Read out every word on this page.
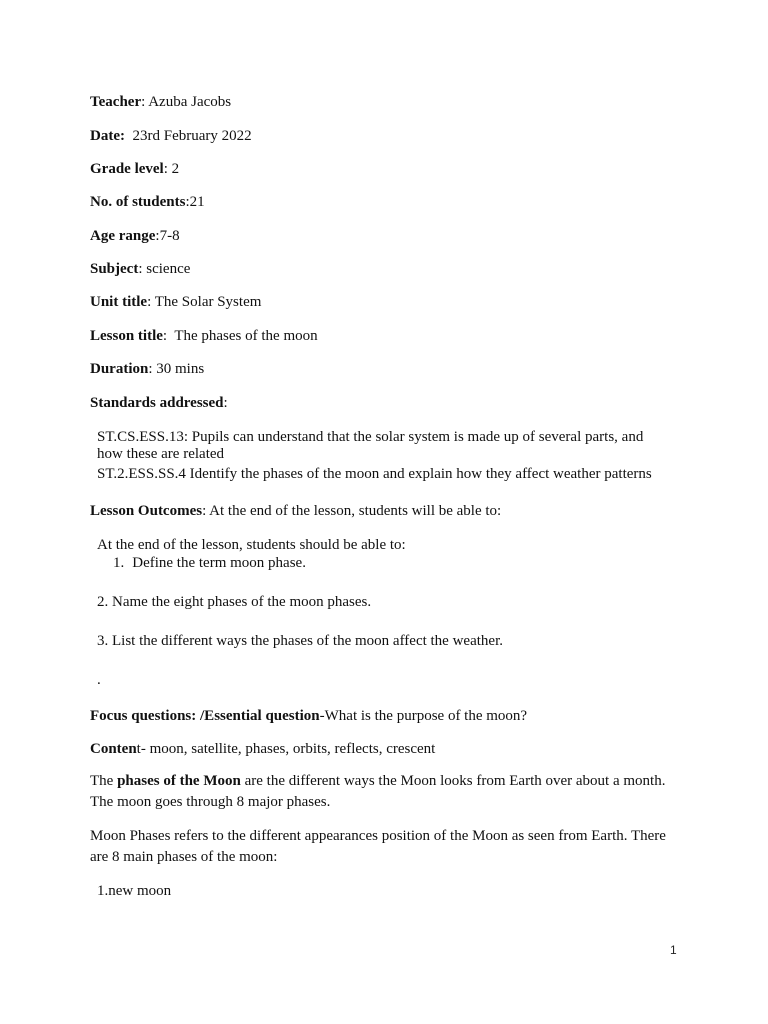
Teacher: Azuba Jacobs
Date: 23rd February 2022
Grade level: 2
No. of students:21
Age range:7-8
Subject: science
Unit title: The Solar System
Lesson title:  The phases of the moon
Duration: 30 mins
Standards addressed:
ST.CS.ESS.13: Pupils can understand that the solar system is made up of several parts, and
how these are related
ST.2.ESS.SS.4 Identify the phases of the moon and explain how they affect weather patterns
Lesson Outcomes: At the end of the lesson, students will be able to:
At the end of the lesson, students should be able to:
1. Define the term moon phase.
2. Name the eight phases of the moon phases.
3. List the different ways the phases of the moon affect the weather.
.
Focus questions: /Essential question-What is the purpose of the moon?
Content- moon, satellite, phases, orbits, reflects, crescent
The phases of the Moon are the different ways the Moon looks from Earth over about a month. The moon goes through 8 major phases.
Moon Phases refers to the different appearances position of the Moon as seen from Earth. There are 8 main phases of the moon:
1.new moon
1
